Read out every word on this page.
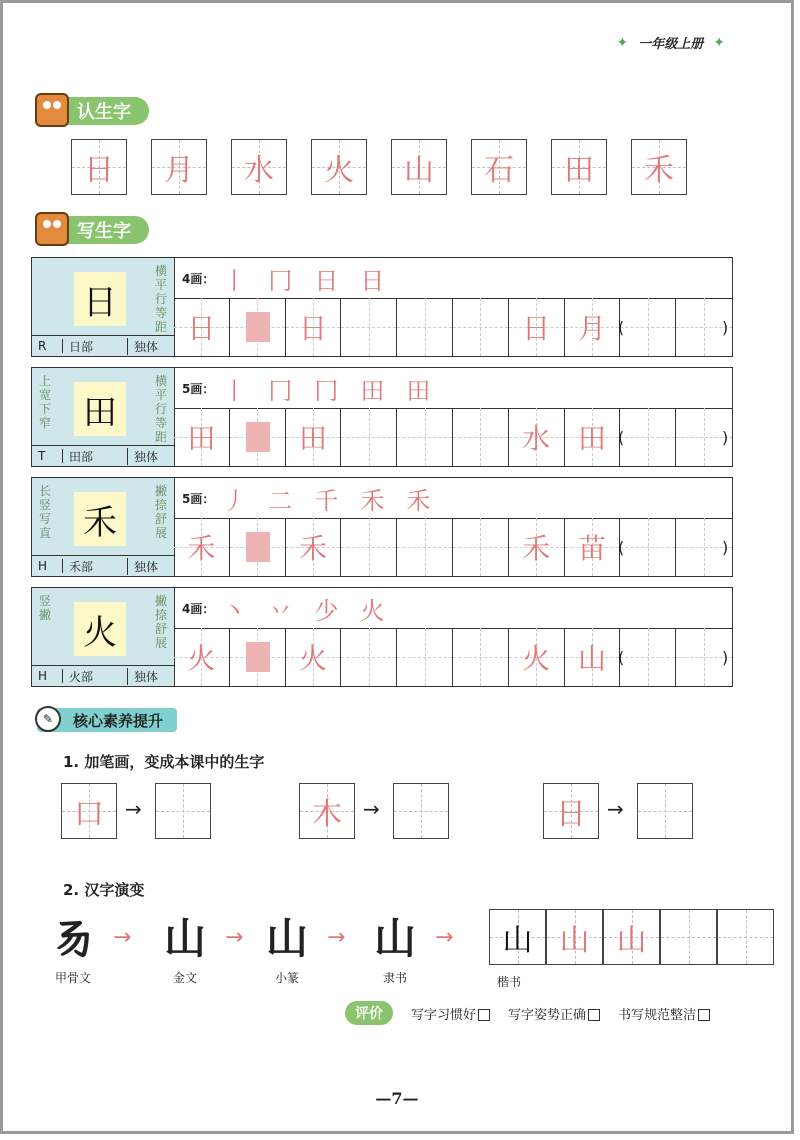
✦ 一年级上册 ✦
认生字
日	月	水	火	山	石	田	禾
写生字
日
横平行等距
R	日部	独体
4画： 丨 冂 日 日
日	日	日 月 (	)
上宽下窄 田
横平行等距
T	田部	独体
5画： 丨 冂 冂 田 田
田	田	水 田 (	)
长竖写直 禾
撇捺舒展
H	禾部	独体
5画： 丿 二 千 禾 禾
禾	禾	禾 苗 (	)
竖撇 火
撇捺舒展
H	火部	独体
4画： 丶 丷 少 火
火	火	火 山 (	)
✎	核心素养提升
1. 加笔画，变成本课中的生字
口	→	木	→	日	→
2. 汉字演变
𠃓
甲骨文
→ 山
金文
→ 山
小篆
→ 山
隶书
→	山 山 山
楷书
评价	写字习惯好	写字姿势正确	书写规范整洁
—7—
